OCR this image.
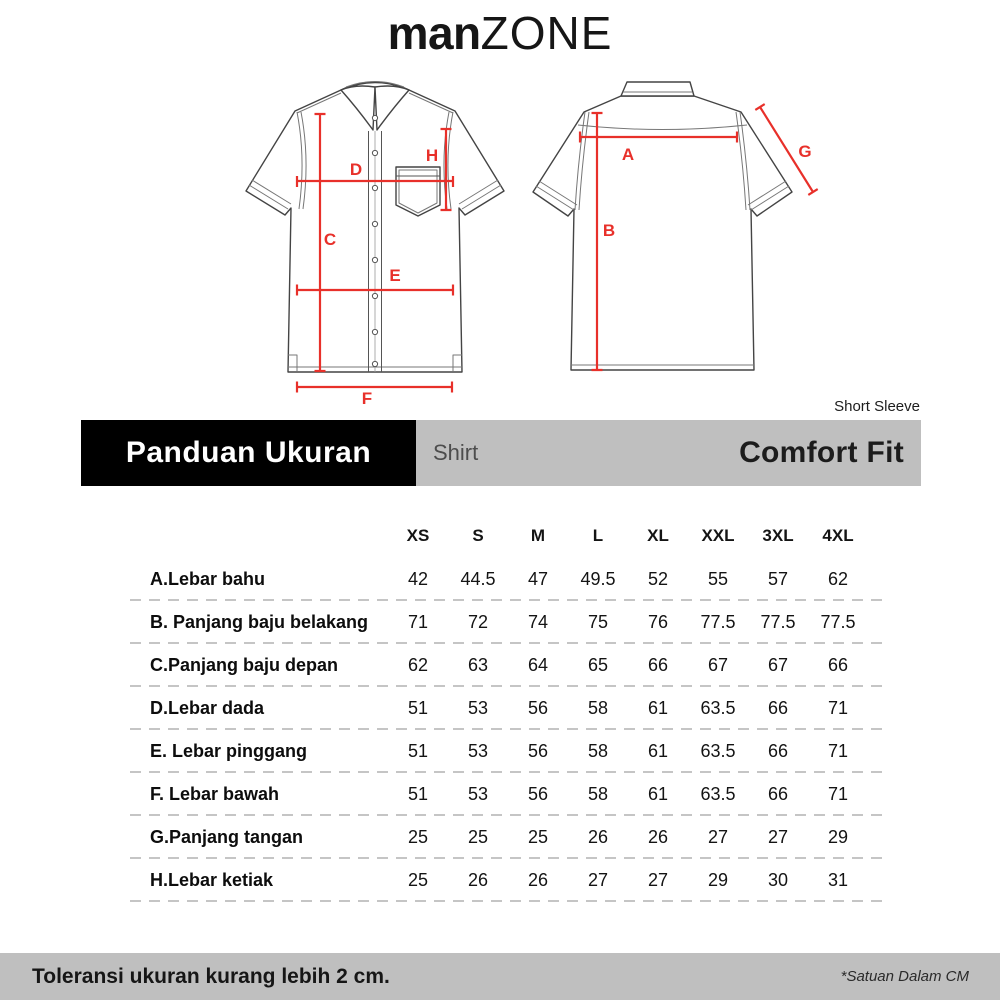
manZONE
D
C
E
F
H	A
B
G
Short Sleeve
Panduan Ukuran	Shirt	Comfort Fit
XS	S	M	L	XL	XXL	3XL	4XL
A.Lebar bahu	42	44.5	47	49.5	52	55	57	62
B. Panjang baju belakang	71	72	74	75	76	77.5	77.5	77.5
C.Panjang baju depan	62	63	64	65	66	67	67	66
D.Lebar dada	51	53	56	58	61	63.5	66	71
E. Lebar pinggang	51	53	56	58	61	63.5	66	71
F. Lebar bawah	51	53	56	58	61	63.5	66	71
G.Panjang tangan	25	25	25	26	26	27	27	29
H.Lebar ketiak	25	26	26	27	27	29	30	31
Toleransi ukuran kurang lebih 2 cm.	*Satuan Dalam CM
